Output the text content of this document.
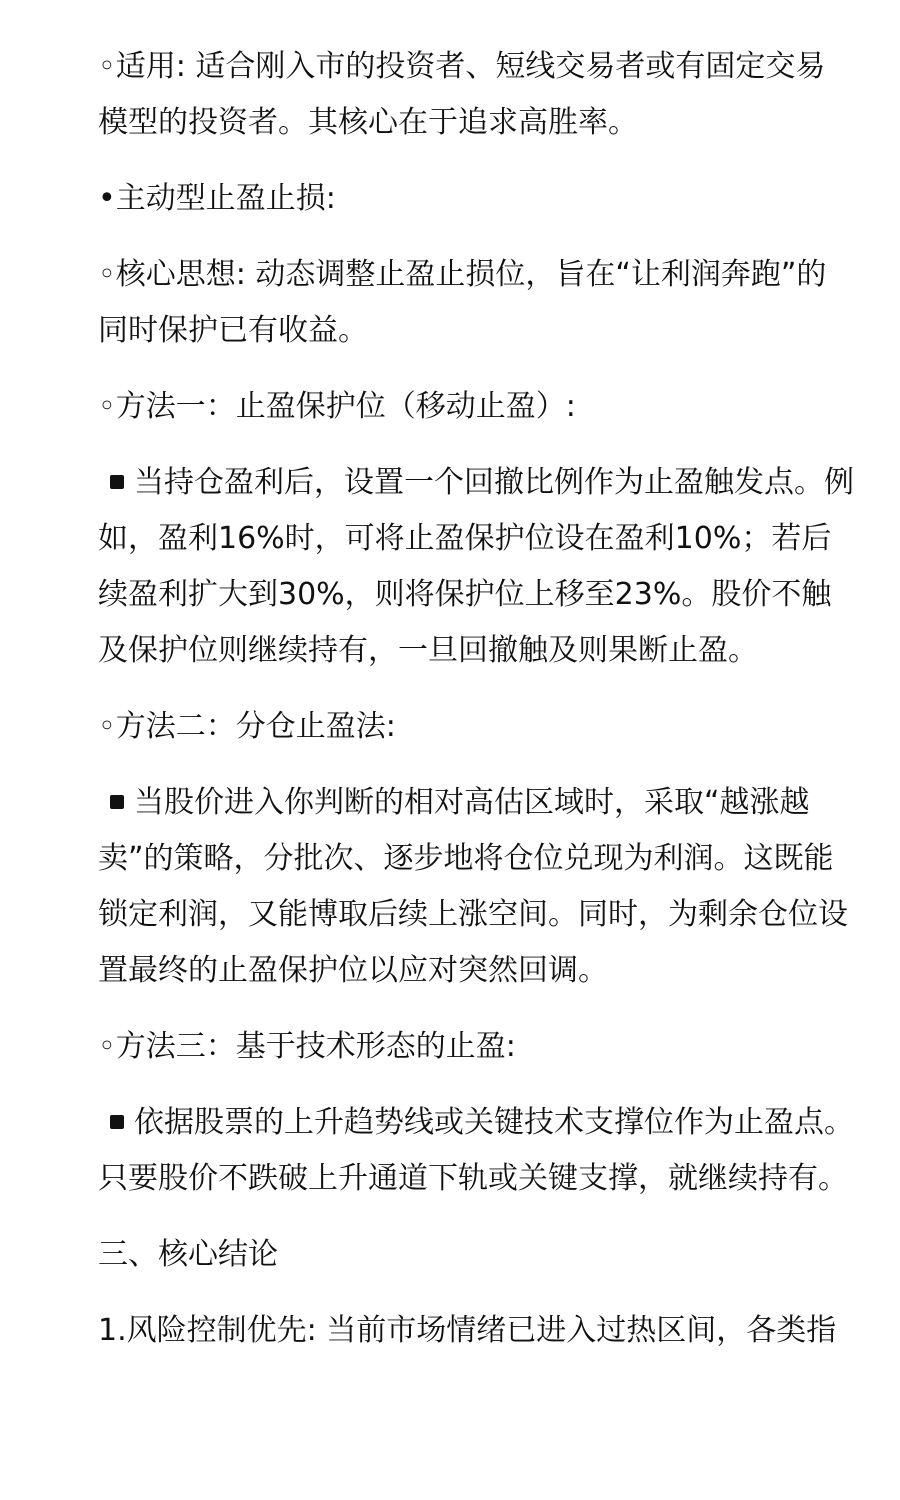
◦适用: 适合刚入市的投资者、短线交易者或有固定交易模型的投资者。其核心在于追求高胜率。

•主动型止盈止损:

◦核心思想: 动态调整止盈止损位，旨在“让利润奔跑”的同时保护已有收益。

◦方法一：止盈保护位（移动止盈）:

当持仓盈利后，设置一个回撤比例作为止盈触发点。例如，盈利16%时，可将止盈保护位设在盈利10%；若后续盈利扩大到30%，则将保护位上移至23%。股价不触及保护位则继续持有，一旦回撤触及则果断止盈。

◦方法二：分仓止盈法:

当股价进入你判断的相对高估区域时，采取“越涨越卖”的策略，分批次、逐步地将仓位兑现为利润。这既能锁定利润，又能博取后续上涨空间。同时，为剩余仓位设置最终的止盈保护位以应对突然回调。

◦方法三：基于技术形态的止盈:

依据股票的上升趋势线或关键技术支撑位作为止盈点。只要股价不跌破上升通道下轨或关键支撑，就继续持有。

三、核心结论

1.风险控制优先: 当前市场情绪已进入过热区间，各类指
